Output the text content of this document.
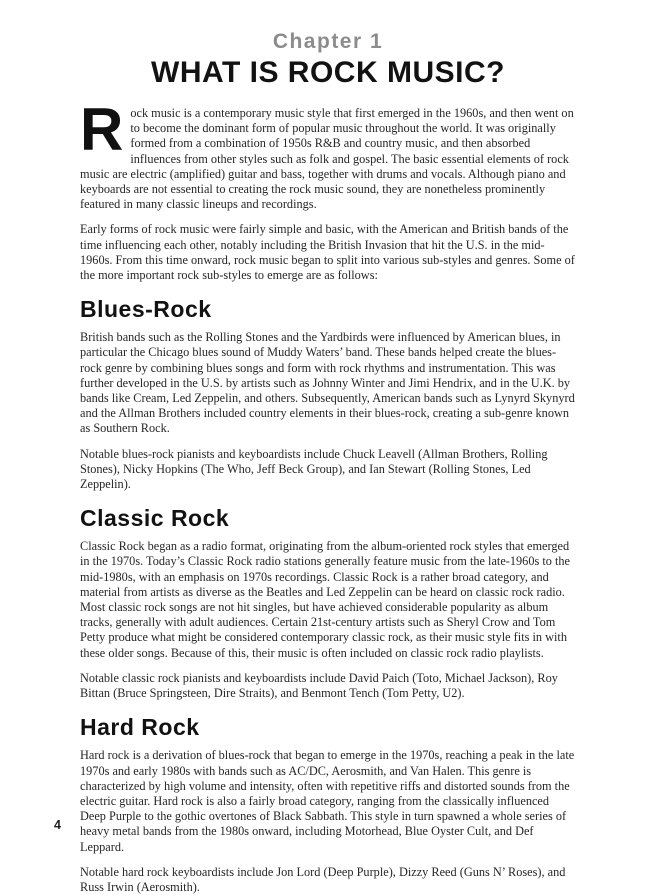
Chapter 1
WHAT IS ROCK MUSIC?

Rock music is a contemporary music style that first emerged in the 1960s, and then went on to become the dominant form of popular music throughout the world. It was originally formed from a combination of 1950s R&B and country music, and then absorbed influences from other styles such as folk and gospel. The basic essential elements of rock music are electric (amplified) guitar and bass, together with drums and vocals. Although piano and keyboards are not essential to creating the rock music sound, they are nonetheless prominently featured in many classic lineups and recordings.

Early forms of rock music were fairly simple and basic, with the American and British bands of the time influencing each other, notably including the British Invasion that hit the U.S. in the mid-1960s. From this time onward, rock music began to split into various sub-styles and genres. Some of the more important rock sub-styles to emerge are as follows:

Blues-Rock

British bands such as the Rolling Stones and the Yardbirds were influenced by American blues, in particular the Chicago blues sound of Muddy Waters’ band. These bands helped create the blues-rock genre by combining blues songs and form with rock rhythms and instrumentation. This was further developed in the U.S. by artists such as Johnny Winter and Jimi Hendrix, and in the U.K. by bands like Cream, Led Zeppelin, and others. Subsequently, American bands such as Lynyrd Skynyrd and the Allman Brothers included country elements in their blues-rock, creating a sub-genre known as Southern Rock.

Notable blues-rock pianists and keyboardists include Chuck Leavell (Allman Brothers, Rolling Stones), Nicky Hopkins (The Who, Jeff Beck Group), and Ian Stewart (Rolling Stones, Led Zeppelin).

Classic Rock

Classic Rock began as a radio format, originating from the album-oriented rock styles that emerged in the 1970s. Today’s Classic Rock radio stations generally feature music from the late-1960s to the mid-1980s, with an emphasis on 1970s recordings. Classic Rock is a rather broad category, and material from artists as diverse as the Beatles and Led Zeppelin can be heard on classic rock radio. Most classic rock songs are not hit singles, but have achieved considerable popularity as album tracks, generally with adult audiences. Certain 21st-century artists such as Sheryl Crow and Tom Petty produce what might be considered contemporary classic rock, as their music style fits in with these older songs. Because of this, their music is often included on classic rock radio playlists.

Notable classic rock pianists and keyboardists include David Paich (Toto, Michael Jackson), Roy Bittan (Bruce Springsteen, Dire Straits), and Benmont Tench (Tom Petty, U2).

Hard Rock

Hard rock is a derivation of blues-rock that began to emerge in the 1970s, reaching a peak in the late 1970s and early 1980s with bands such as AC/DC, Aerosmith, and Van Halen. This genre is characterized by high volume and intensity, often with repetitive riffs and distorted sounds from the electric guitar. Hard rock is also a fairly broad category, ranging from the classically influenced Deep Purple to the gothic overtones of Black Sabbath. This style in turn spawned a whole series of heavy metal bands from the 1980s onward, including Motorhead, Blue Oyster Cult, and Def Leppard.

Notable hard rock keyboardists include Jon Lord (Deep Purple), Dizzy Reed (Guns N’ Roses), and Russ Irwin (Aerosmith).

4
